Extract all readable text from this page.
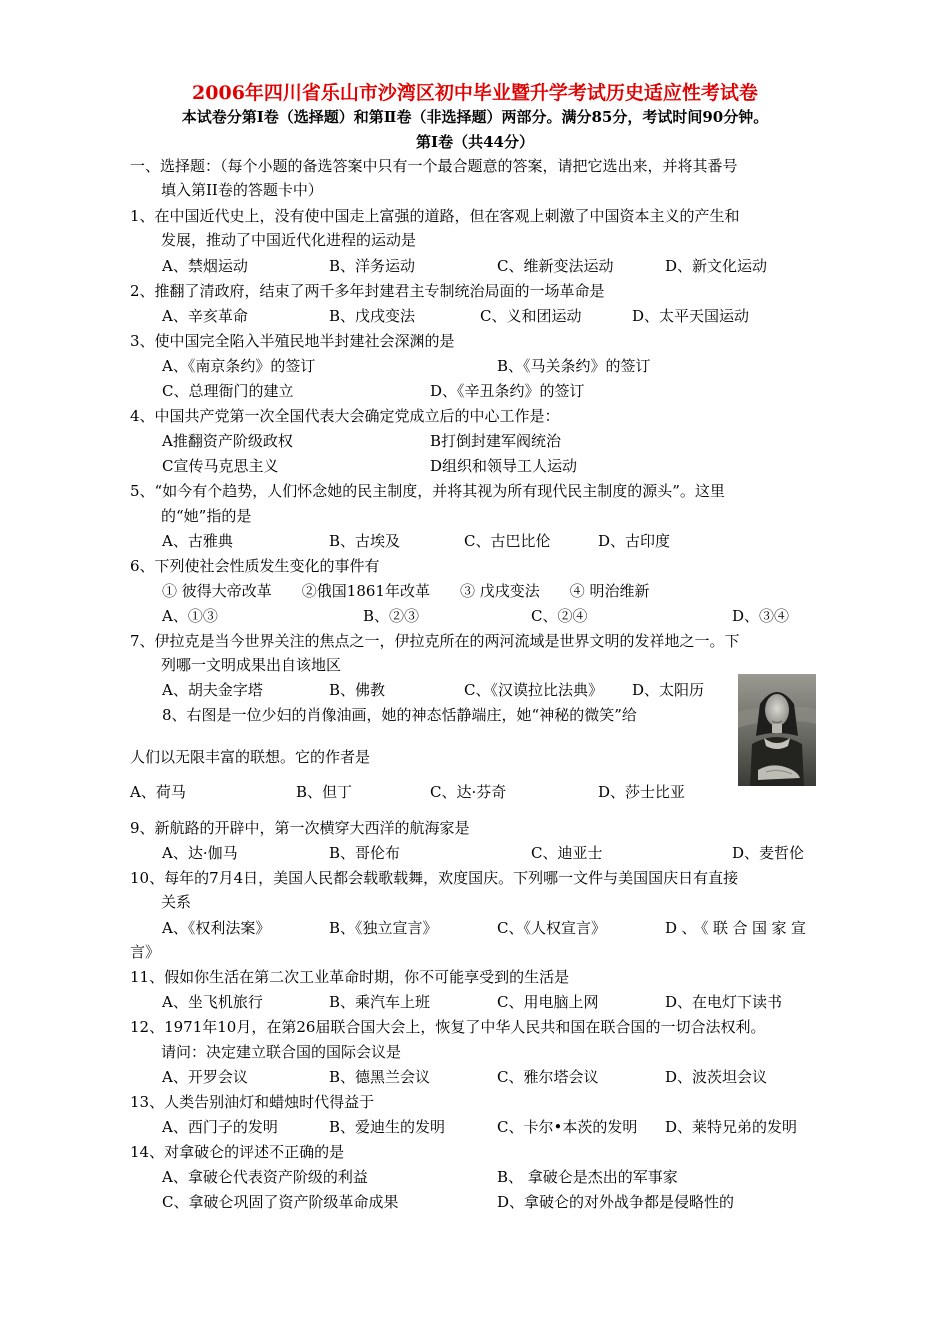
2006年四川省乐山市沙湾区初中毕业暨升学考试历史适应性考试卷
本试卷分第Ⅰ卷（选择题）和第Ⅱ卷（非选择题）两部分。满分85分，考试时间90分钟。
第Ⅰ卷（共44分）
一、选择题：（每个小题的备选答案中只有一个最合题意的答案，请把它选出来，并将其番号
填入第II卷的答题卡中）
1、在中国近代史上，没有使中国走上富强的道路，但在客观上刺激了中国资本主义的产生和
发展，推动了中国近代化进程的运动是
A、禁烟运动	B、洋务运动	C、维新变法运动	D、新文化运动
2、推翻了清政府，结束了两千多年封建君主专制统治局面的一场革命是
A、辛亥革命	B、戊戌变法	C、义和团运动	D、太平天国运动
3、使中国完全陷入半殖民地半封建社会深渊的是
A、《南京条约》的签订	B、《马关条约》的签订
C、总理衙门的建立	D、《辛丑条约》的签订
4、中国共产党第一次全国代表大会确定党成立后的中心工作是：
A推翻资产阶级政权	B打倒封建军阀统治
C宣传马克思主义	D组织和领导工人运动
5、“如今有个趋势，人们怀念她的民主制度，并将其视为所有现代民主制度的源头”。这里
的“她”指的是
A、古雅典	B、古埃及	C、古巴比伦	D、古印度
6、下列使社会性质发生变化的事件有
① 彼得大帝改革　　②俄国1861年改革　　③ 戊戌变法　　④ 明治维新
A、①③	B、②③	C、②④	D、③④
7、伊拉克是当今世界关注的焦点之一，伊拉克所在的两河流域是世界文明的发祥地之一。下
列哪一文明成果出自该地区
A、胡夫金字塔	B、佛教	C、《汉谟拉比法典》 D、太阳历
8、右图是一位少妇的肖像油画，她的神态恬静端庄，她“神秘的微笑”给
人们以无限丰富的联想。它的作者是
A、荷马	B、但丁	C、达·芬奇	D、莎士比亚
9、新航路的开辟中，第一次横穿大西洋的航海家是
A、达·伽马	B、哥伦布	C、迪亚士	D、麦哲伦
10、每年的7月4日，美国人民都会载歌载舞，欢度国庆。下列哪一文件与美国国庆日有直接
关系
A、《权利法案》	B、《独立宣言》	C、《人权宣言》	D、《联合国家宣
言》
11、假如你生活在第二次工业革命时期，你不可能享受到的生活是
A、坐飞机旅行	B、乘汽车上班	C、用电脑上网	D、在电灯下读书
12、1971年10月，在第26届联合国大会上，恢复了中华人民共和国在联合国的一切合法权利。
请问：决定建立联合国的国际会议是
A、开罗会议	B、德黑兰会议	C、雅尔塔会议	D、波茨坦会议
13、人类告别油灯和蜡烛时代得益于
A、西门子的发明	B、爱迪生的发明	C、卡尔•本茨的发明 D、莱特兄弟的发明
14、对拿破仑的评述不正确的是
A、拿破仑代表资产阶级的利益	B、 拿破仑是杰出的军事家
C、拿破仑巩固了资产阶级革命成果	D、拿破仑的对外战争都是侵略性的
